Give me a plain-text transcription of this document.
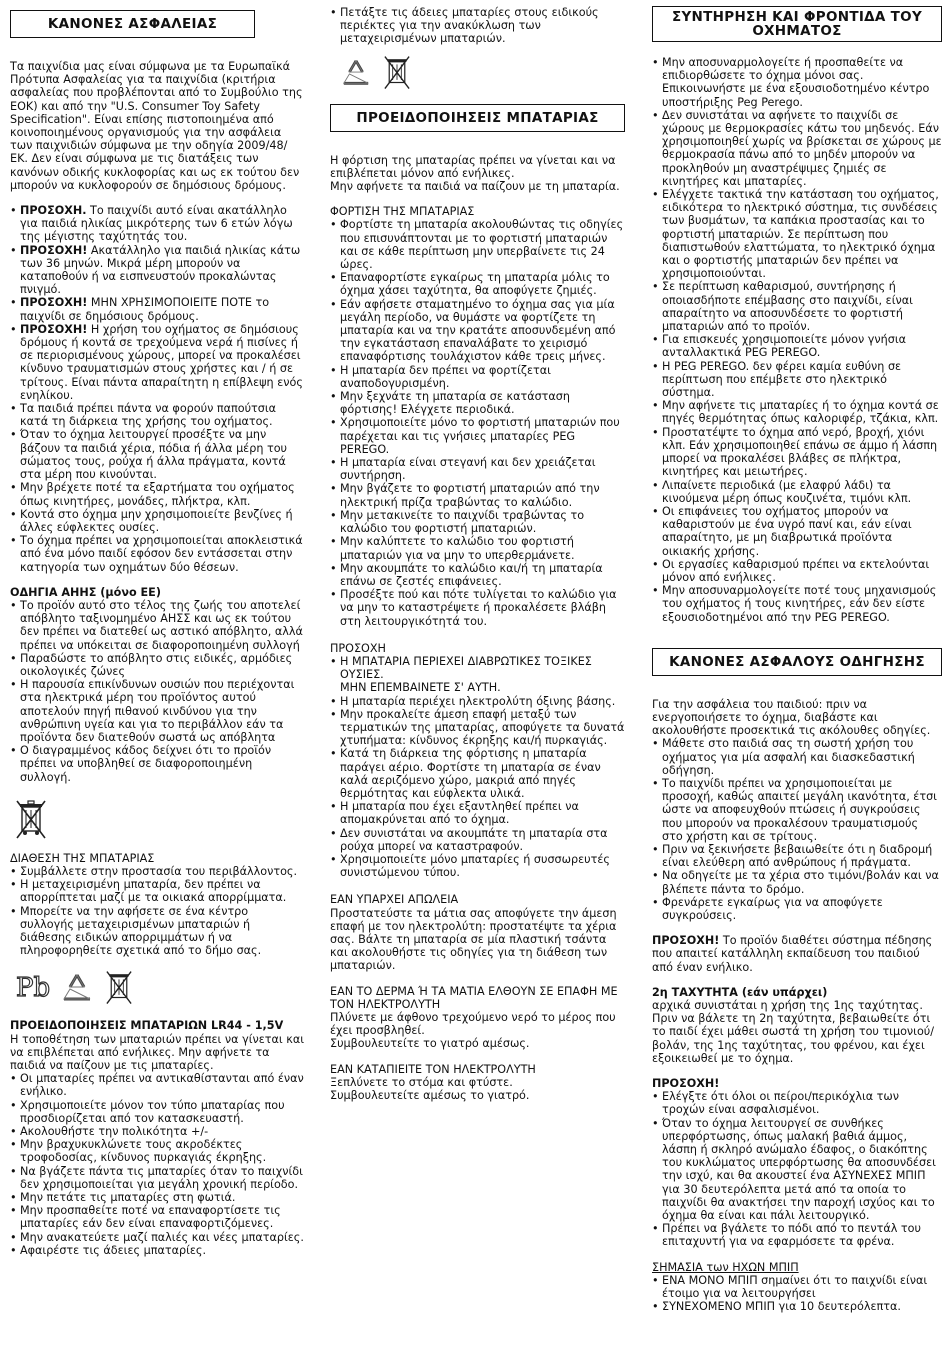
ΚΑΝΟΝΕΣ ΑΣΦΑΛΕΙΑΣ

Τα παιχνίδια μας είναι σύμφωνα με τα Ευρωπαϊκά Πρότυπα Ασφαλείας για τα παιχνίδια (κριτήρια ασφαλείας που προβλέπονται από το Συμβούλιο της ΕΟΚ) και από την "U.S. Consumer Toy Safety Specification". Είναι επίσης πιστοποιημένα από κοινοποιημένους οργανισμούς για την ασφάλεια των παιχνιδιών σύμφωνα με την οδηγία 2009/48/ΕΚ. Δεν είναι σύμφωνα με τις διατάξεις των κανόνων οδικής κυκλοφορίας και ως εκ τούτου δεν μπορούν να κυκλοφορούν σε δημόσιους δρόμους.

• ΠΡΟΣΟΧΗ. Το παιχνίδι αυτό είναι ακατάλληλο για παιδιά ηλικίας μικρότερης των 6 ετών λόγω της μέγιστης ταχύτητάς του.
• ΠΡΟΣΟΧΗ! Ακατάλληλο για παιδιά ηλικίας κάτω των 36 μηνών. Μικρά μέρη μπορούν να καταποθούν ή να εισπνευστούν προκαλώντας πνιγμό.
• ΠΡΟΣΟΧΗ! ΜΗΝ ΧΡΗΣΙΜΟΠΟΙΕΙΤΕ ΠΟΤΕ το παιχνίδι σε δημόσιους δρόμους.
• ΠΡΟΣΟΧΗ! Η χρήση του οχήματος σε δημόσιους δρόμους ή κοντά σε τρεχούμενα νερά ή πισίνες ή σε περιορισμένους χώρους, μπορεί να προκαλέσει κίνδυνο τραυματισμών στους χρήστες και / ή σε τρίτους. Είναι πάντα απαραίτητη η επίβλεψη ενός ενηλίκου.
• Τα παιδιά πρέπει πάντα να φορούν παπούτσια κατά τη διάρκεια της χρήσης του οχήματος.
• Όταν το όχημα λειτουργεί προσέξτε να μην βάζουν τα παιδιά χέρια, πόδια ή άλλα μέρη του σώματος τους, ρούχα ή άλλα πράγματα, κοντά στα μέρη που κινούνται.
• Μην βρέχετε ποτέ τα εξαρτήματα του οχήματος όπως κινητήρες, μονάδες, πλήκτρα, κλπ.
• Κοντά στο όχημα μην χρησιμοποιείτε βενζίνες ή άλλες εύφλεκτες ουσίες.
• Το όχημα πρέπει να χρησιμοποιείται αποκλειστικά από ένα μόνο παιδί εφόσον δεν εντάσσεται στην κατηγορία των οχημάτων δύο θέσεων.

ΟΔΗΓΙΑ ΑΗΗΣ (μόνο ΕΕ)

• Το προϊόν αυτό στο τέλος της ζωής του αποτελεί απόβλητο ταξινομημένο ΑΗΣΣ και ως εκ τούτου δεν πρέπει να διατεθεί ως αστικό απόβλητο, αλλά πρέπει να υπόκειται σε διαφοροποιημένη συλλογή
• Παραδώστε το απόβλητο στις ειδικές, αρμόδιες οικολογικές ζώνες
• Η παρουσία επικίνδυνων ουσιών που περιέχονται στα ηλεκτρικά μέρη του προϊόντος αυτού αποτελούν πηγή πιθανού κινδύνου για την ανθρώπινη υγεία και για το περιβάλλον εάν τα προϊόντα δεν διατεθούν σωστά ως απόβλητα
• Ο διαγραμμένος κάδος δείχνει ότι το προϊόν πρέπει να υποβληθεί σε διαφοροποιημένη συλλογή.

ΔΙΑΘΕΣΗ ΤΗΣ ΜΠΑΤΑΡΙΑΣ

• Συμβάλλετε στην προστασία του περιβάλλοντος.
• Η μεταχειρισμένη μπαταρία, δεν πρέπει να απορρίπτεται μαζί με τα οικιακά απορρίμματα.
• Μπορείτε να την αφήσετε σε ένα κέντρο συλλογής μεταχειρισμένων μπαταριών ή διάθεσης ειδικών απορριμμάτων ή να πληροφορηθείτε σχετικά από το δήμο σας.
Pb

ΠΡΟΕΙΔΟΠΟΙΗΣΕΙΣ ΜΠΑΤΑΡΙΩΝ LR44 - 1,5V

Η τοποθέτηση των μπαταριών πρέπει να γίνεται και να επιβλέπεται από ενήλικες. Μην αφήνετε τα παιδιά να παίζουν με τις μπαταρίες.

• Οι μπαταρίες πρέπει να αντικαθίστανται από έναν ενήλικο.
• Χρησιμοποιείτε μόνον τον τύπο μπαταρίας που προσδιορίζεται από τον κατασκευαστή.
• Ακολουθήστε την πολικότητα +/-
• Μην βραχυκυκλώνετε τους ακροδέκτες τροφοδοσίας, κίνδυνος πυρκαγιάς έκρηξης.
• Να βγάζετε πάντα τις μπαταρίες όταν το παιχνίδι δεν χρησιμοποιείται για μεγάλη χρονική περίοδο.
• Μην πετάτε τις μπαταρίες στη φωτιά.
• Μην προσπαθείτε ποτέ να επαναφορτίσετε τις μπαταρίες εάν δεν είναι επαναφορτιζόμενες.
• Μην ανακατεύετε μαζί παλιές και νέες μπαταρίες.
• Αφαιρέστε τις άδειες μπαταρίες.
• Πετάξτε τις άδειες μπαταρίες στους ειδικούς περιέκτες για την ανακύκλωση των μεταχειρισμένων μπαταριών.
ΠΡΟΕΙΔΟΠΟΙΗΣΕΙΣ ΜΠΑΤΑΡΙΑΣ

Η φόρτιση της μπαταρίας πρέπει να γίνεται και να επιβλέπεται μόνον από ενήλικες.
Μην αφήνετε τα παιδιά να παίζουν με τη μπαταρία.

ΦΟΡΤΙΣΗ ΤΗΣ ΜΠΑΤΑΡΙΑΣ

• Φορτίστε τη μπαταρία ακολουθώντας τις οδηγίες που επισυνάπτονται με το φορτιστή μπαταριών και σε κάθε περίπτωση μην υπερβαίνετε τις 24 ώρες.
• Επαναφορτίστε εγκαίρως τη μπαταρία μόλις το όχημα χάσει ταχύτητα, θα αποφύγετε ζημιές.
• Εάν αφήσετε σταματημένο το όχημα σας για μία μεγάλη περίοδο, να θυμάστε να φορτίζετε τη μπαταρία και να την κρατάτε αποσυνδεμένη από την εγκατάσταση επαναλάβατε το χειρισμό επαναφόρτισης τουλάχιστον κάθε τρεις μήνες.
• Η μπαταρία δεν πρέπει να φορτίζεται αναποδογυρισμένη.
• Μην ξεχνάτε τη μπαταρία σε κατάσταση φόρτισης! Ελέγχετε περιοδικά.
• Χρησιμοποιείτε μόνο το φορτιστή μπαταριών που παρέχεται και τις γνήσιες μπαταρίες PEG PEREGO.
• Η μπαταρία είναι στεγανή και δεν χρειάζεται συντήρηση.
• Μην βγάζετε το φορτιστή μπαταριών από την ηλεκτρική πρίζα τραβώντας το καλώδιο.
• Μην μετακινείτε το παιχνίδι τραβώντας το καλώδιο του φορτιστή μπαταριών.
• Μην καλύπτετε το καλώδιο του φορτιστή μπαταριών για να μην το υπερθερμάνετε.
• Μην ακουμπάτε το καλώδιο και/ή τη μπαταρία επάνω σε ζεστές επιφάνειες.
• Προσέξτε πού και πότε τυλίγεται το καλώδιο για να μην το καταστρέψετε ή προκαλέσετε βλάβη στη λειτουργικότητά του.

ΠΡΟΣΟΧΗ

• Η ΜΠΑΤΑΡΙΑ ΠΕΡΙΕΧΕΙ ΔΙΑΒΡΩΤΙΚΕΣ ΤΟΞΙΚΕΣ ΟΥΣΙΕΣ.
ΜΗΝ ΕΠΕΜΒΑΙΝΕΤΕ Σ' ΑΥΤΗ.
• Η μπαταρία περιέχει ηλεκτρολύτη όξινης βάσης.
• Μην προκαλείτε άμεση επαφή μεταξύ των τερματικών της μπαταρίας, αποφύγετε τα δυνατά χτυπήματα: κίνδυνος έκρηξης και/ή πυρκαγιάς.
• Κατά τη διάρκεια της φόρτισης η μπαταρία παράγει αέριο. Φορτίστε τη μπαταρία σε έναν καλά αεριζόμενο χώρο, μακριά από πηγές θερμότητας και εύφλεκτα υλικά.
• Η μπαταρία που έχει εξαντληθεί πρέπει να απομακρύνεται από το όχημα.
• Δεν συνιστάται να ακουμπάτε τη μπαταρία στα ρούχα μπορεί να καταστραφούν.
• Χρησιμοποιείτε μόνο μπαταρίες ή συσσωρευτές συνιστώμενου τύπου.

ΕΑΝ ΥΠΑΡΧΕΙ ΑΠΩΛΕΙΑ

Προστατεύστε τα μάτια σας αποφύγετε την άμεση επαφή με τον ηλεκτρολύτη: προστατέψτε τα χέρια σας. Βάλτε τη μπαταρία σε μία πλαστική τσάντα και ακολουθήστε τις οδηγίες για τη διάθεση των
μπαταριών.

ΕΑΝ ΤΟ ΔΕΡΜΑ Ή ΤΑ ΜΑΤΙΑ ΕΛΘΟΥΝ ΣΕ ΕΠΑΦΗ ΜΕ ΤΟΝ ΗΛΕΚΤΡΟΛΥΤΗ

Πλύνετε με άφθονο τρεχούμενο νερό το μέρος που έχει προσβληθεί.
Συμβουλευτείτε το γιατρό αμέσως.

ΕΑΝ ΚΑΤΑΠΙΕΙΤΕ ΤΟΝ ΗΛΕΚΤΡΟΛΥΤΗ

Ξεπλύνετε το στόμα και φτύστε.
Συμβουλευτείτε αμέσως το γιατρό.

ΣΥΝΤΗΡΗΣΗ ΚΑΙ ΦΡΟΝΤΙΔΑ ΤΟΥ ΟΧΗΜΑΤΟΣ
• Μην αποσυναρμολογείτε ή προσπαθείτε να επιδιορθώσετε το όχημα μόνοι σας. Επικοινωνήστε με ένα εξουσιοδοτημένο κέντρο υποστήριξης Peg Perego.
• Δεν συνιστάται να αφήνετε το παιχνίδι σε χώρους με θερμοκρασίες κάτω του μηδενός. Εάν χρησιμοποιηθεί χωρίς να βρίσκεται σε χώρους με θερμοκρασία πάνω από το μηδέν μπορούν να προκληθούν μη αναστρέψιμες ζημιές σε κινητήρες και μπαταρίες.
• Ελέγχετε τακτικά την κατάσταση του οχήματος, ειδικότερα το ηλεκτρικό σύστημα, τις συνδέσεις των βυσμάτων, τα καπάκια προστασίας και το φορτιστή μπαταριών. Σε περίπτωση που διαπιστωθούν ελαττώματα, το ηλεκτρικό όχημα και ο φορτιστής μπαταριών δεν πρέπει να χρησιμοποιούνται.
• Σε περίπτωση καθαρισμού, συντήρησης ή οποιασδήποτε επέμβασης στο παιχνίδι, είναι απαραίτητο να αποσυνδέσετε το φορτιστή μπαταριών από το προϊόν.
• Για επισκευές χρησιμοποιείτε μόνον γνήσια ανταλλακτικά PEG PEREGO.
• Η PEG PEREGO. δεν φέρει καμία ευθύνη σε περίπτωση που επέμβετε στο ηλεκτρικό σύστημα.
• Μην αφήνετε τις μπαταρίες ή το όχημα κοντά σε πηγές θερμότητας όπως καλοριφέρ, τζάκια, κλπ.
• Προστατέψτε το όχημα από νερό, βροχή, χιόνι κλπ. Εάν χρησιμοποιηθεί επάνω σε άμμο ή λάσπη μπορεί να προκαλέσει βλάβες σε πλήκτρα, κινητήρες και μειωτήρες.
• Λιπαίνετε περιοδικά (με ελαφρύ λάδι) τα κινούμενα μέρη όπως κουζινέτα, τιμόνι κλπ.
• Οι επιφάνειες του οχήματος μπορούν να καθαριστούν με ένα υγρό πανί και, εάν είναι απαραίτητο, με μη διαβρωτικά προϊόντα οικιακής χρήσης.
• Οι εργασίες καθαρισμού πρέπει να εκτελούνται μόνον από ενήλικες.
• Μην αποσυναρμολογείτε ποτέ τους μηχανισμούς του οχήματος ή τους κινητήρες, εάν δεν είστε εξουσιοδοτημένοι από την PEG PEREGO.
ΚΑΝΟΝΕΣ ΑΣΦΑΛΟΥΣ ΟΔΗΓΗΣΗΣ

Για την ασφάλεια του παιδιού: πριν να ενεργοποιήσετε το όχημα, διαβάστε και ακολουθήστε προσεκτικά τις ακόλουθες οδηγίες.

• Μάθετε στο παιδιά σας τη σωστή χρήση του οχήματος για μία ασφαλή και διασκεδαστική οδήγηση.
• Το παιχνίδι πρέπει να χρησιμοποιείται με προσοχή, καθώς απαιτεί μεγάλη ικανότητα, έτσι ώστε να αποφευχθούν πτώσεις ή συγκρούσεις που μπορούν να προκαλέσουν τραυματισμούς στο χρήστη και σε τρίτους.
• Πριν να ξεκινήσετε βεβαιωθείτε ότι η διαδρομή είναι ελεύθερη από ανθρώπους ή πράγματα.
• Να οδηγείτε με τα χέρια στο τιμόνι/βολάν και να βλέπετε πάντα το δρόμο.
• Φρενάρετε εγκαίρως για να αποφύγετε συγκρούσεις.

ΠΡΟΣΟΧΗ! Το προϊόν διαθέτει σύστημα πέδησης που απαιτεί κατάλληλη εκπαίδευση του παιδιού από έναν ενήλικο.

2η ΤΑΧΥΤΗΤΑ (εάν υπάρχει)

αρχικά συνιστάται η χρήση της 1ης ταχύτητας. Πριν να βάλετε τη 2η ταχύτητα, βεβαιωθείτε ότι το παιδί έχει μάθει σωστά τη χρήση του τιμονιού/βολάν, της 1ης ταχύτητας, του φρένου, και έχει εξοικειωθεί με το όχημα.

ΠΡΟΣΟΧΗ!

• Ελέγξτε ότι όλοι οι πείροι/περικόχλια των τροχών είναι ασφαλισμένοι.
• Όταν το όχημα λειτουργεί σε συνθήκες υπερφόρτωσης, όπως μαλακή βαθιά άμμος, λάσπη ή σκληρό ανώμαλο έδαφος, ο διακόπτης του κυκλώματος υπερφόρτωσης θα αποσυνδέσει την ισχύ, και θα ακουστεί ένα ΑΣΥΝΕΧΕΣ ΜΠΙΠ για 30 δευτερόλεπτα μετά από τα οποία το παιχνίδι θα ανακτήσει την παροχή ισχύος και το όχημα θα είναι και πάλι λειτουργικό.
• Πρέπει να βγάλετε το πόδι από το πεντάλ του επιταχυντή για να εφαρμόσετε τα φρένα.

ΣΗΜΑΣΙΑ των ΗΧΩΝ ΜΠΙΠ

• ΕΝΑ ΜΟΝΟ ΜΠΙΠ σημαίνει ότι το παιχνίδι είναι έτοιμο για να λειτουργήσει
• ΣΥΝΕΧΟΜΕΝΟ ΜΠΙΠ για 10 δευτερόλεπτα.
